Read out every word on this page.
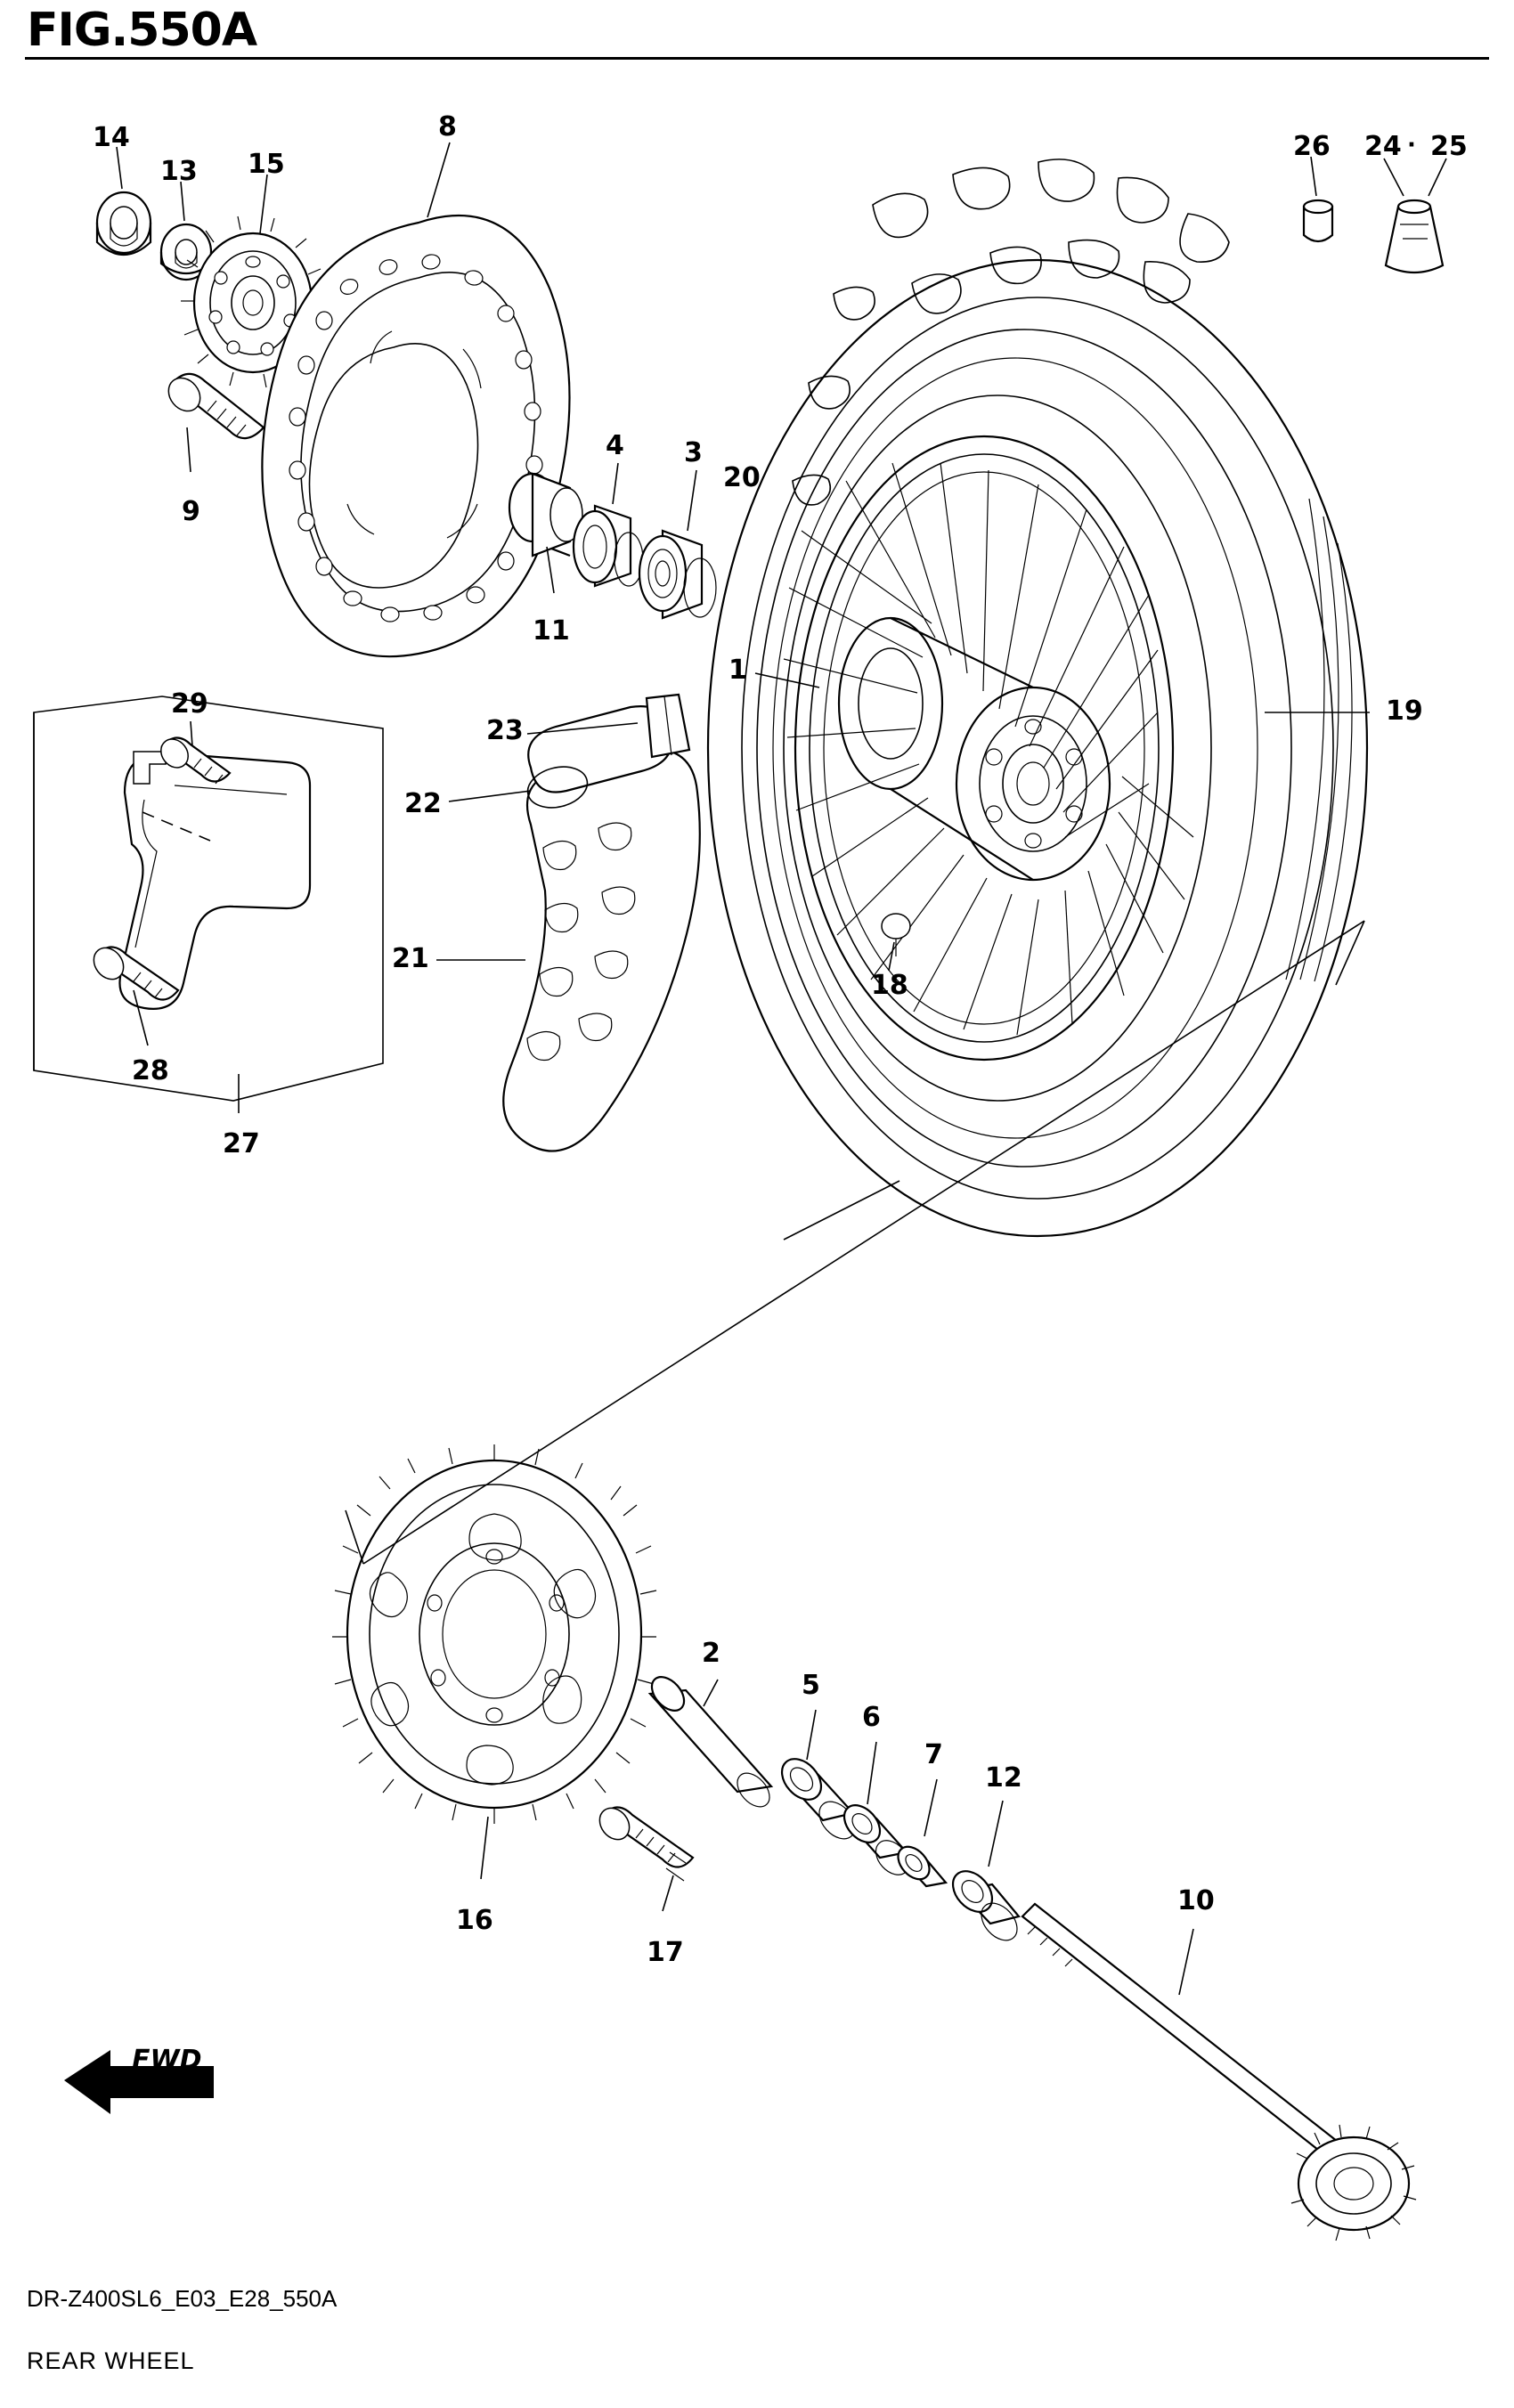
FIG.550A
14
13 15
8
26 24 25
·
9
4 3
20
11
1
19
29
23
22
21
18
28
27
2
5
6
7
12
10
16
17
FWD
DR-Z400SL6_E03_E28_550A
REAR WHEEL
